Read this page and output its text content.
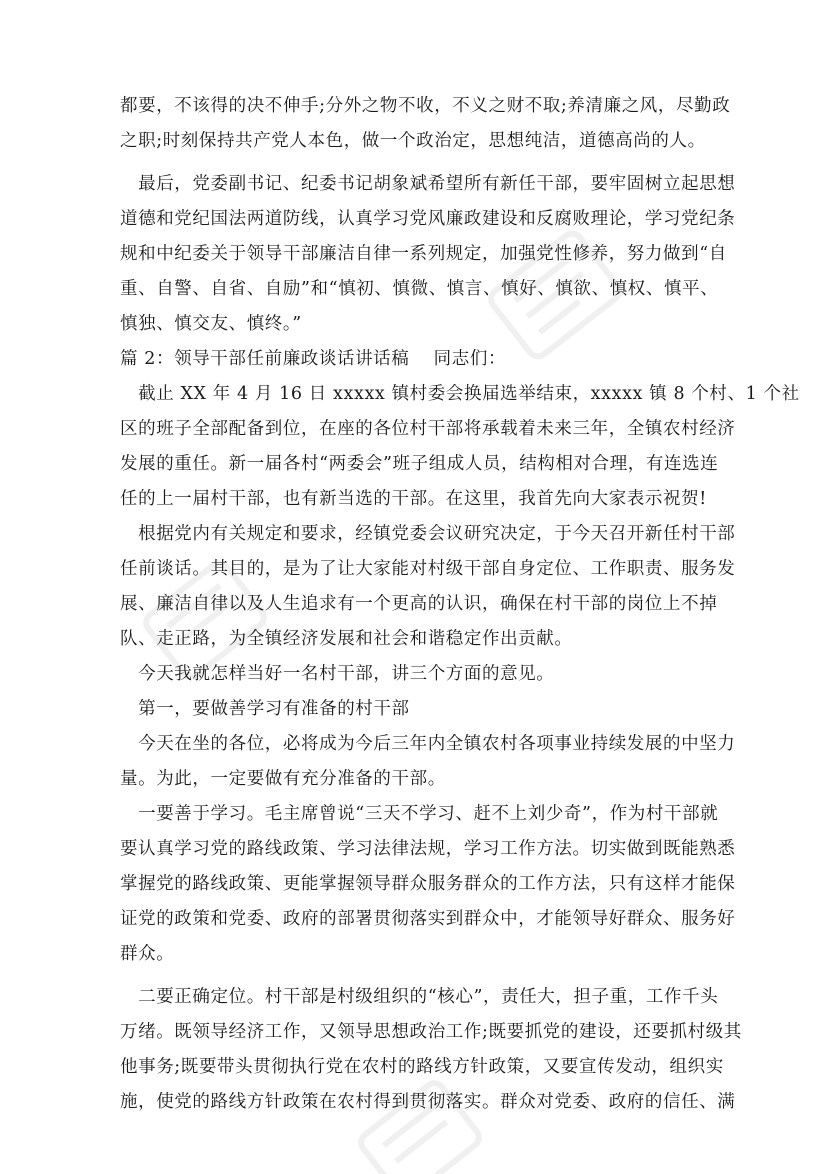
都要，不该得的决不伸手;分外之物不收，不义之财不取;养清廉之风，尽勤政
之职;时刻保持共产党人本色，做一个政治定，思想纯洁，道德高尚的人。
　最后，党委副书记、纪委书记胡象斌希望所有新任干部，要牢固树立起思想
道德和党纪国法两道防线，认真学习党风廉政建设和反腐败理论，学习党纪条
规和中纪委关于领导干部廉洁自律一系列规定，加强党性修养，努力做到“自
重、自警、自省、自励”和“慎初、慎微、慎言、慎好、慎欲、慎权、慎平、
慎独、慎交友、慎终。”
篇 2：领导干部任前廉政谈话讲话稿　 同志们：
　截止 XX 年 4 月 16 日 xxxxx 镇村委会换届选举结束，xxxxx 镇 8 个村、1 个社
区的班子全部配备到位，在座的各位村干部将承载着未来三年，全镇农村经济
发展的重任。新一届各村“两委会”班子组成人员，结构相对合理，有连选连
任的上一届村干部，也有新当选的干部。在这里，我首先向大家表示祝贺!
　根据党内有关规定和要求，经镇党委会议研究决定，于今天召开新任村干部
任前谈话。其目的，是为了让大家能对村级干部自身定位、工作职责、服务发
展、廉洁自律以及人生追求有一个更高的认识，确保在村干部的岗位上不掉
队、走正路，为全镇经济发展和社会和谐稳定作出贡献。
　今天我就怎样当好一名村干部，讲三个方面的意见。
　第一，要做善学习有准备的村干部
　今天在坐的各位，必将成为今后三年内全镇农村各项事业持续发展的中坚力
量。为此，一定要做有充分准备的干部。
　一要善于学习。毛主席曾说“三天不学习、赶不上刘少奇”，作为村干部就
要认真学习党的路线政策、学习法律法规，学习工作方法。切实做到既能熟悉
掌握党的路线政策、更能掌握领导群众服务群众的工作方法，只有这样才能保
证党的政策和党委、政府的部署贯彻落实到群众中，才能领导好群众、服务好
群众。
　二要正确定位。村干部是村级组织的“核心”，责任大，担子重，工作千头
万绪。既领导经济工作，又领导思想政治工作;既要抓党的建设，还要抓村级其
他事务;既要带头贯彻执行党在农村的路线方针政策，又要宣传发动，组织实
施，使党的路线方针政策在农村得到贯彻落实。群众对党委、政府的信任、满
